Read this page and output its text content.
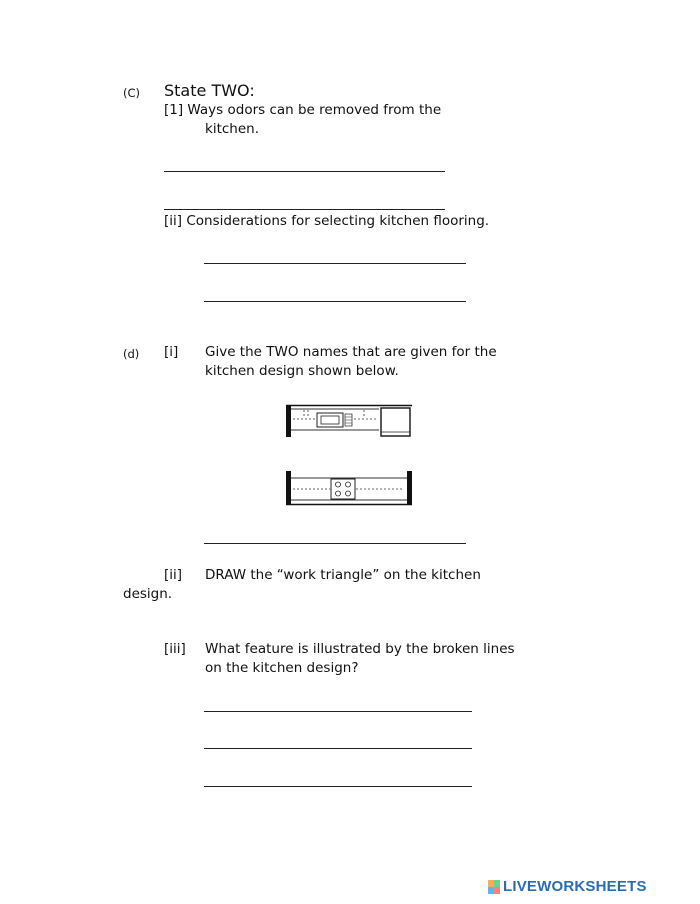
(C) State TWO:
[1] Ways odors can be removed from the
kitchen.
[ii] Considerations for selecting kitchen flooring.
(d) [i] Give the TWO names that are given for the
kitchen design shown below.
[ii] DRAW the “work triangle” on the kitchen
design.
[iii] What feature is illustrated by the broken lines
on the kitchen design?
LIVEWORKSHEETS
